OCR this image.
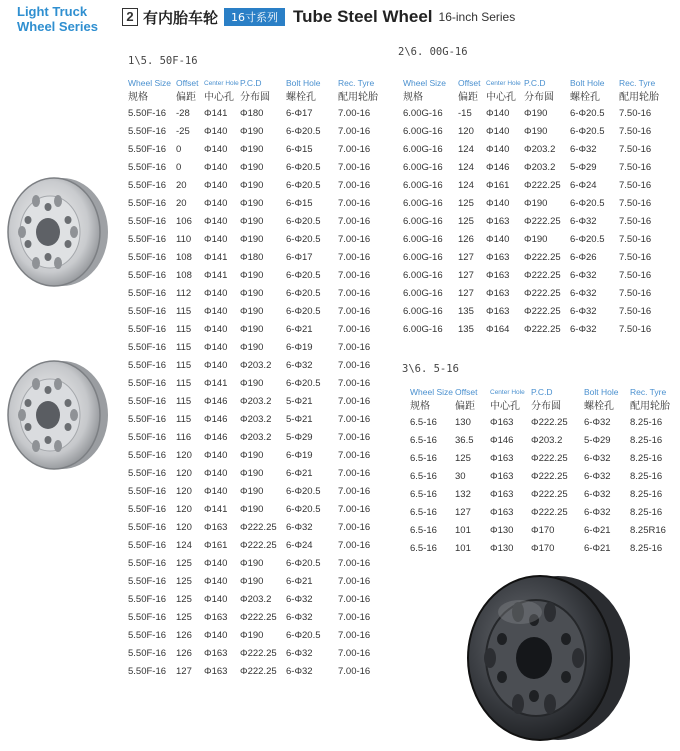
Light Truck
Wheel Series
2 有内胎车轮	16寸系列 Tube Steel Wheel 16-inch Series
1\5. 50F-16
2\6. 00G-16
3\6. 5-16
Wheel Size	Offset	Center Hole	P.C.D	Bolt Hole	Rec. Tyre
规格	偏距	中心孔	分布圆	螺栓孔	配用轮胎
5.50F-16	-28	Φ141	Φ180	6-Φ17	7.00-16
5.50F-16	-25	Φ140	Φ190	6-Φ20.5	7.00-16
5.50F-16	0	Φ140	Φ190	6-Φ15	7.00-16
5.50F-16	0	Φ140	Φ190	6-Φ20.5	7.00-16
5.50F-16	20	Φ140	Φ190	6-Φ20.5	7.00-16
5.50F-16	20	Φ140	Φ190	6-Φ15	7.00-16
5.50F-16	106	Φ140	Φ190	6-Φ20.5	7.00-16
5.50F-16	110	Φ140	Φ190	6-Φ20.5	7.00-16
5.50F-16	108	Φ141	Φ180	6-Φ17	7.00-16
5.50F-16	108	Φ141	Φ190	6-Φ20.5	7.00-16
5.50F-16	112	Φ140	Φ190	6-Φ20.5	7.00-16
5.50F-16	115	Φ140	Φ190	6-Φ20.5	7.00-16
5.50F-16	115	Φ140	Φ190	6-Φ21	7.00-16
5.50F-16	115	Φ140	Φ190	6-Φ19	7.00-16
5.50F-16	115	Φ140	Φ203.2	6-Φ32	7.00-16
5.50F-16	115	Φ141	Φ190	6-Φ20.5	7.00-16
5.50F-16	115	Φ146	Φ203.2	5-Φ21	7.00-16
5.50F-16	115	Φ146	Φ203.2	5-Φ21	7.00-16
5.50F-16	116	Φ146	Φ203.2	5-Φ29	7.00-16
5.50F-16	120	Φ140	Φ190	6-Φ19	7.00-16
5.50F-16	120	Φ140	Φ190	6-Φ21	7.00-16
5.50F-16	120	Φ140	Φ190	6-Φ20.5	7.00-16
5.50F-16	120	Φ141	Φ190	6-Φ20.5	7.00-16
5.50F-16	120	Φ163	Φ222.25	6-Φ32	7.00-16
5.50F-16	124	Φ161	Φ222.25	6-Φ24	7.00-16
5.50F-16	125	Φ140	Φ190	6-Φ20.5	7.00-16
5.50F-16	125	Φ140	Φ190	6-Φ21	7.00-16
5.50F-16	125	Φ140	Φ203.2	6-Φ32	7.00-16
5.50F-16	125	Φ163	Φ222.25	6-Φ32	7.00-16
5.50F-16	126	Φ140	Φ190	6-Φ20.5	7.00-16
5.50F-16	126	Φ163	Φ222.25	6-Φ32	7.00-16
5.50F-16	127	Φ163	Φ222.25	6-Φ32	7.00-16
Wheel Size	Offset	Center Hole	P.C.D	Bolt Hole	Rec. Tyre
规格	偏距	中心孔	分布圆	螺栓孔	配用轮胎
6.00G-16	-15	Φ140	Φ190	6-Φ20.5	7.50-16
6.00G-16	120	Φ140	Φ190	6-Φ20.5	7.50-16
6.00G-16	124	Φ140	Φ203.2	6-Φ32	7.50-16
6.00G-16	124	Φ146	Φ203.2	5-Φ29	7.50-16
6.00G-16	124	Φ161	Φ222.25	6-Φ24	7.50-16
6.00G-16	125	Φ140	Φ190	6-Φ20.5	7.50-16
6.00G-16	125	Φ163	Φ222.25	6-Φ32	7.50-16
6.00G-16	126	Φ140	Φ190	6-Φ20.5	7.50-16
6.00G-16	127	Φ163	Φ222.25	6-Φ26	7.50-16
6.00G-16	127	Φ163	Φ222.25	6-Φ32	7.50-16
6.00G-16	127	Φ163	Φ222.25	6-Φ32	7.50-16
6.00G-16	135	Φ163	Φ222.25	6-Φ32	7.50-16
6.00G-16	135	Φ164	Φ222.25	6-Φ32	7.50-16
Wheel Size	Offset	Center Hole	P.C.D	Bolt Hole	Rec. Tyre
规格	偏距	中心孔	分布圆	螺栓孔	配用轮胎
6.5-16	130	Φ163	Φ222.25	6-Φ32	8.25-16
6.5-16	36.5	Φ146	Φ203.2	5-Φ29	8.25-16
6.5-16	125	Φ163	Φ222.25	6-Φ32	8.25-16
6.5-16	30	Φ163	Φ222.25	6-Φ32	8.25-16
6.5-16	132	Φ163	Φ222.25	6-Φ32	8.25-16
6.5-16	127	Φ163	Φ222.25	6-Φ32	8.25-16
6.5-16	101	Φ130	Φ170	6-Φ21	8.25R16
6.5-16	101	Φ130	Φ170	6-Φ21	8.25-16
